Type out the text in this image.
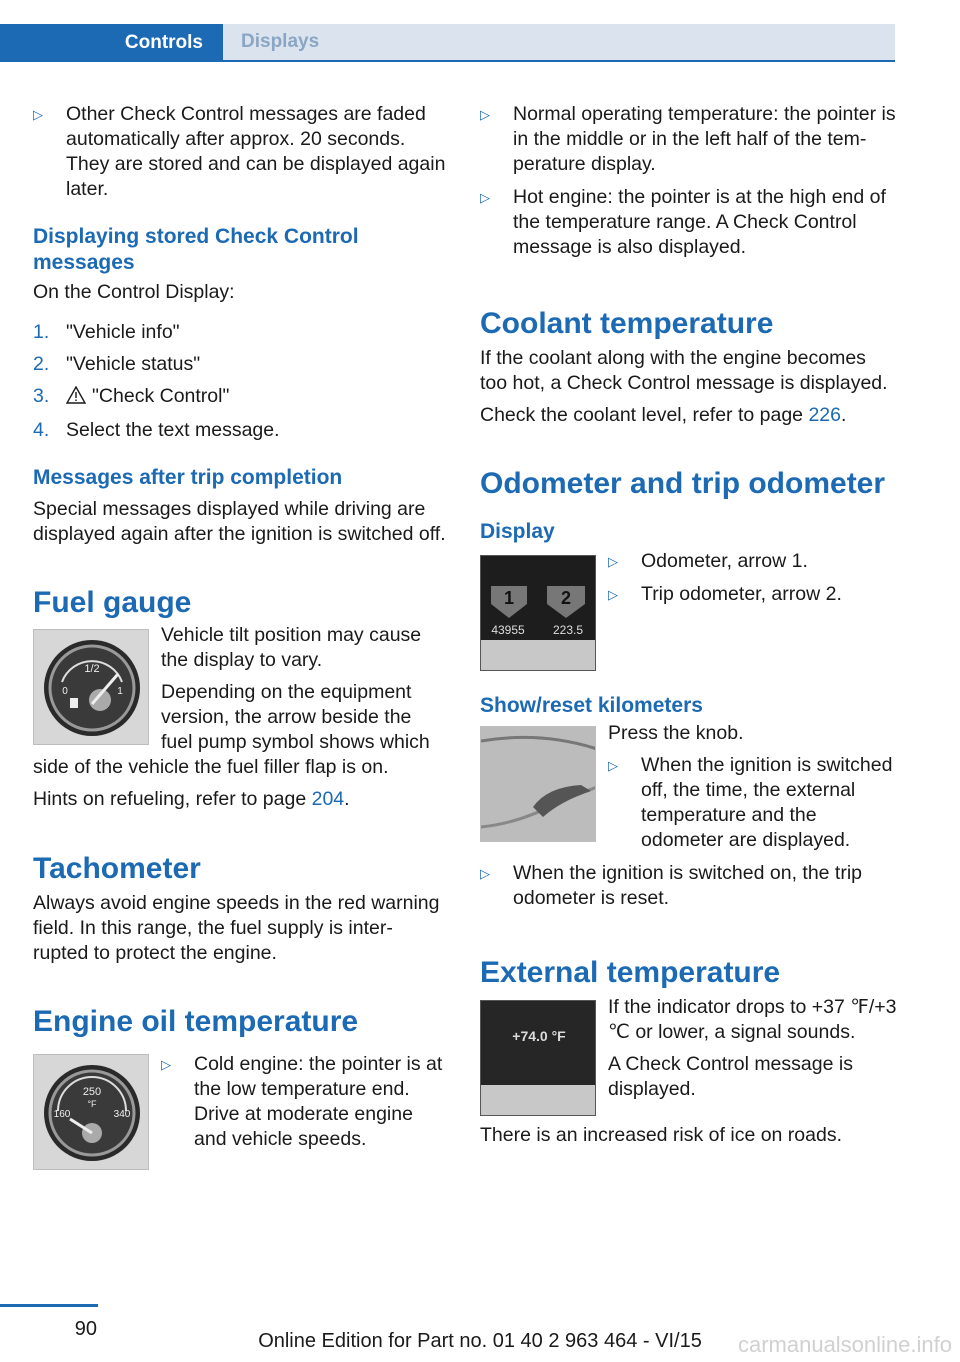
Controls	Displays
▷ Other Check Control messages are faded automatically after approx. 20 seconds. They are stored and can be displayed again later.
Displaying stored Check Control messages

On the Control Display:

1. "Vehicle info"
2. "Vehicle status"
3. "Check Control"
4. Select the text message.
Messages after trip completion

Special messages displayed while driving are displayed again after the ignition is switched off.

Fuel gauge
1/2
0	1

Vehicle tilt position may cause the display to vary.

Depending on the equipment version, the arrow beside the fuel pump symbol shows which side of the vehicle the fuel filler flap is on.

Hints on refueling, refer to page 204.

Tachometer

Always avoid engine speeds in the red warning field. In this range, the fuel supply is inter‐rupted to protect the engine.

Engine oil temperature
250
°F
160	340
▷ Cold engine: the pointer is at the low temperature end. Drive at moderate engine and vehicle speeds.
▷ Normal operating temperature: the pointer is in the middle or in the left half of the tem‐perature display.
▷ Hot engine: the pointer is at the high end of the temperature range. A Check Control message is also displayed.
Coolant temperature

If the coolant along with the engine becomes too hot, a Check Control message is displayed.

Check the coolant level, refer to page 226.

Odometer and trip odometer
Display
1	2
43955 223.5
▷ Odometer, arrow 1.
▷ Trip odometer, arrow 2.
Show/reset kilometers

Press the knob.

▷ When the ignition is switched off, the time, the external temperature and the odometer are displayed.
▷ When the ignition is switched on, the trip odometer is reset.
External temperature
+74.0 °F

If the indicator drops to +37 ℉/+3 ℃ or lower, a signal sounds.

A Check Control message is displayed.

There is an increased risk of ice on roads.

90
Online Edition for Part no. 01 40 2 963 464 - VI/15	carmanualsonline.info
